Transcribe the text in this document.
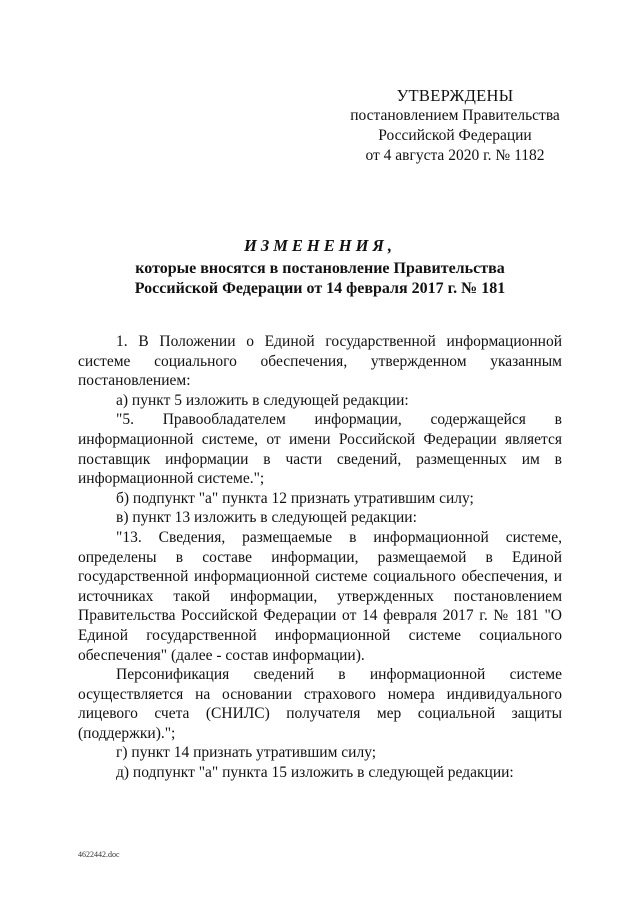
УТВЕРЖДЕНЫ
постановлением Правительства
Российской Федерации
от 4 августа 2020 г. № 1182
ИЗМЕНЕНИЯ,
которые вносятся в постановление Правительства
Российской Федерации от 14 февраля 2017 г. № 181

1. В Положении о Единой государственной информационной системе социального обеспечения, утвержденном указанным постановлением:

а) пункт 5 изложить в следующей редакции:

"5. Правообладателем информации, содержащейся в информационной системе, от имени Российской Федерации является поставщик информации в части сведений, размещенных им в информационной системе.";

б) подпункт "а" пункта 12 признать утратившим силу;

в) пункт 13 изложить в следующей редакции:

"13. Сведения, размещаемые в информационной системе, определены в составе информации, размещаемой в Единой государственной информационной системе социального обеспечения, и источниках такой информации, утвержденных постановлением Правительства Российской Федерации от 14 февраля 2017 г. № 181 "О Единой государственной информационной системе социального обеспечения" (далее - состав информации).

Персонификация сведений в информационной системе осуществляется на основании страхового номера индивидуального лицевого счета (СНИЛС) получателя мер социальной защиты (поддержки).";

г) пункт 14 признать утратившим силу;

д) подпункт "а" пункта 15 изложить в следующей редакции:

4622442.doc
